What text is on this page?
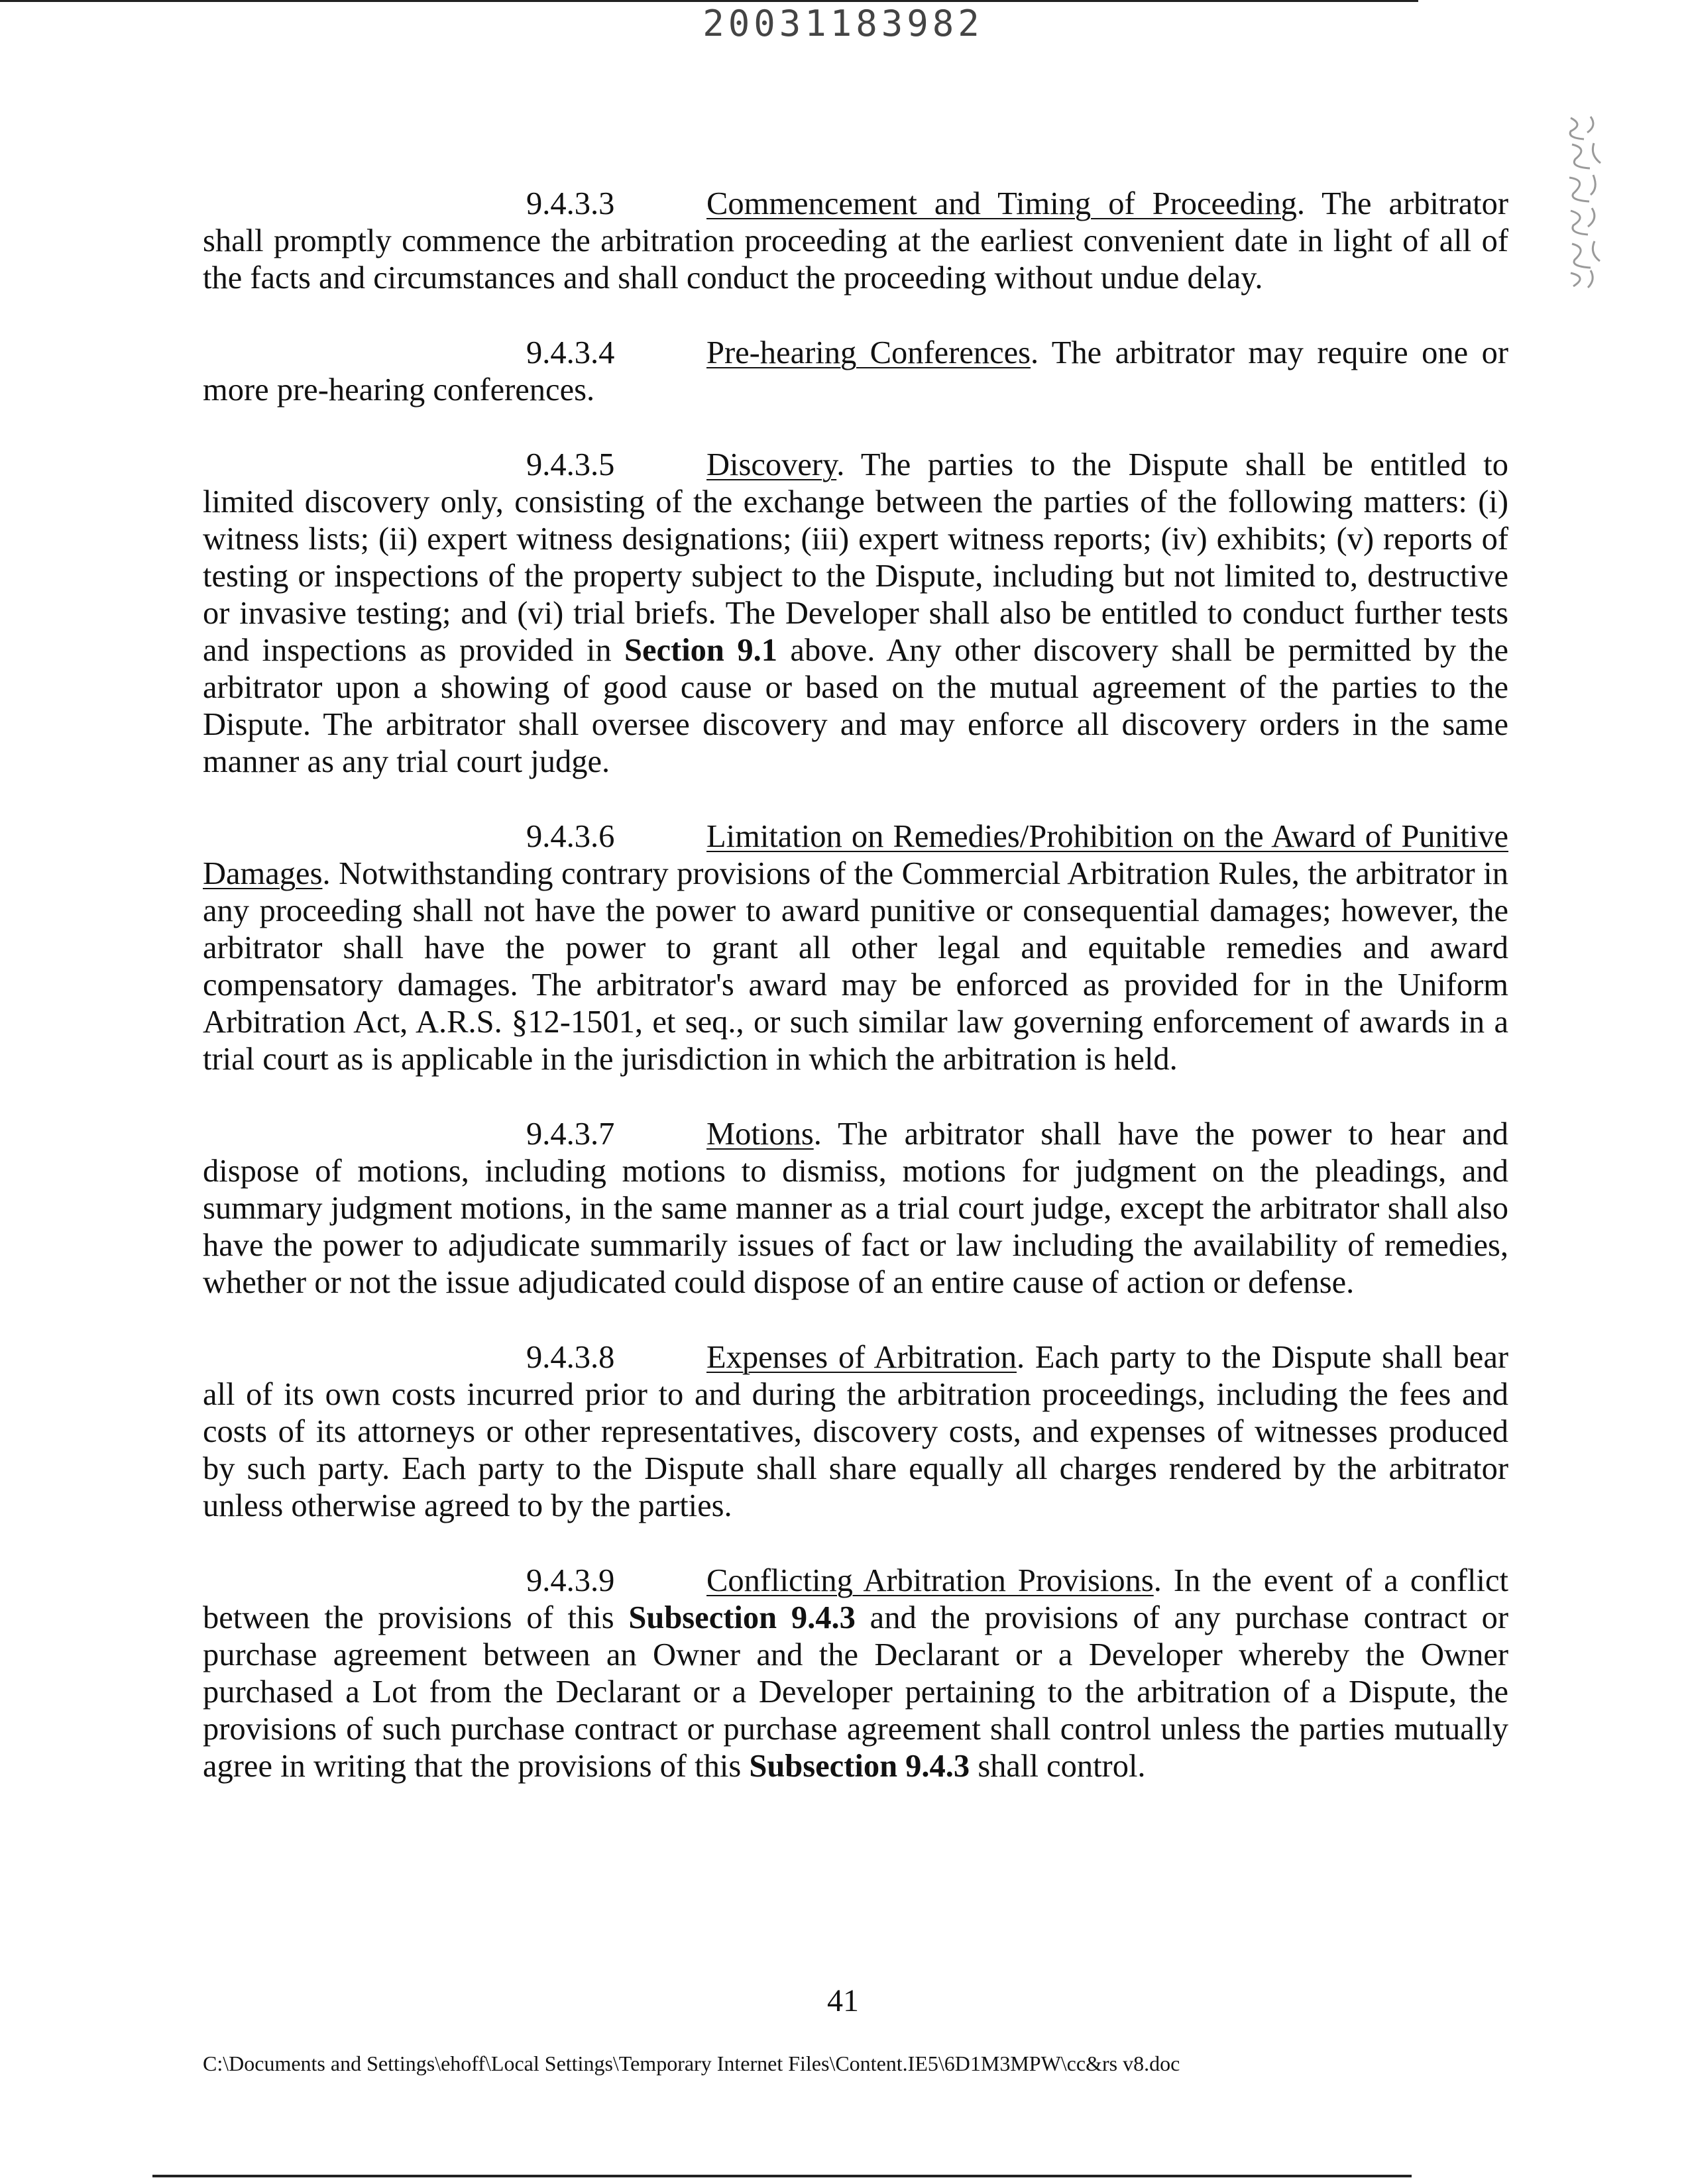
20031183982

9.4.3.3	Commencement and Timing of Proceeding. The arbitrator shall promptly commence the arbitration proceeding at the earliest convenient date in light of all of the facts and circumstances and shall conduct the proceeding without undue delay.

9.4.3.4	Pre-hearing Conferences. The arbitrator may require one or more pre-hearing conferences.

9.4.3.5	Discovery. The parties to the Dispute shall be entitled to limited discovery only, consisting of the exchange between the parties of the following matters: (i) witness lists; (ii) expert witness designations; (iii) expert witness reports; (iv) exhibits; (v) reports of testing or inspections of the property subject to the Dispute, including but not limited to, destructive or invasive testing; and (vi) trial briefs. The Developer shall also be entitled to conduct further tests and inspections as provided in Section 9.1 above. Any other discovery shall be permitted by the arbitrator upon a showing of good cause or based on the mutual agreement of the parties to the Dispute. The arbitrator shall oversee discovery and may enforce all discovery orders in the same manner as any trial court judge.

9.4.3.6	Limitation on Remedies/Prohibition on the Award of Punitive Damages. Notwithstanding contrary provisions of the Commercial Arbitration Rules, the arbitrator in any proceeding shall not have the power to award punitive or consequential damages; however, the arbitrator shall have the power to grant all other legal and equitable remedies and award compensatory damages. The arbitrator's award may be enforced as provided for in the Uniform Arbitration Act, A.R.S. §12-1501, et seq., or such similar law governing enforcement of awards in a trial court as is applicable in the jurisdiction in which the arbitration is held.

9.4.3.7	Motions. The arbitrator shall have the power to hear and dispose of motions, including motions to dismiss, motions for judgment on the pleadings, and summary judgment motions, in the same manner as a trial court judge, except the arbitrator shall also have the power to adjudicate summarily issues of fact or law including the availability of remedies, whether or not the issue adjudicated could dispose of an entire cause of action or defense.

9.4.3.8	Expenses of Arbitration. Each party to the Dispute shall bear all of its own costs incurred prior to and during the arbitration proceedings, including the fees and costs of its attorneys or other representatives, discovery costs, and expenses of witnesses produced by such party. Each party to the Dispute shall share equally all charges rendered by the arbitrator unless otherwise agreed to by the parties.

9.4.3.9	Conflicting Arbitration Provisions. In the event of a conflict between the provisions of this Subsection 9.4.3 and the provisions of any purchase contract or purchase agreement between an Owner and the Declarant or a Developer whereby the Owner purchased a Lot from the Declarant or a Developer pertaining to the arbitration of a Dispute, the provisions of such purchase contract or purchase agreement shall control unless the parties mutually agree in writing that the provisions of this Subsection 9.4.3 shall control.

41
C:\Documents and Settings\ehoff\Local Settings\Temporary Internet Files\Content.IE5\6D1M3MPW\cc&rs v8.doc
